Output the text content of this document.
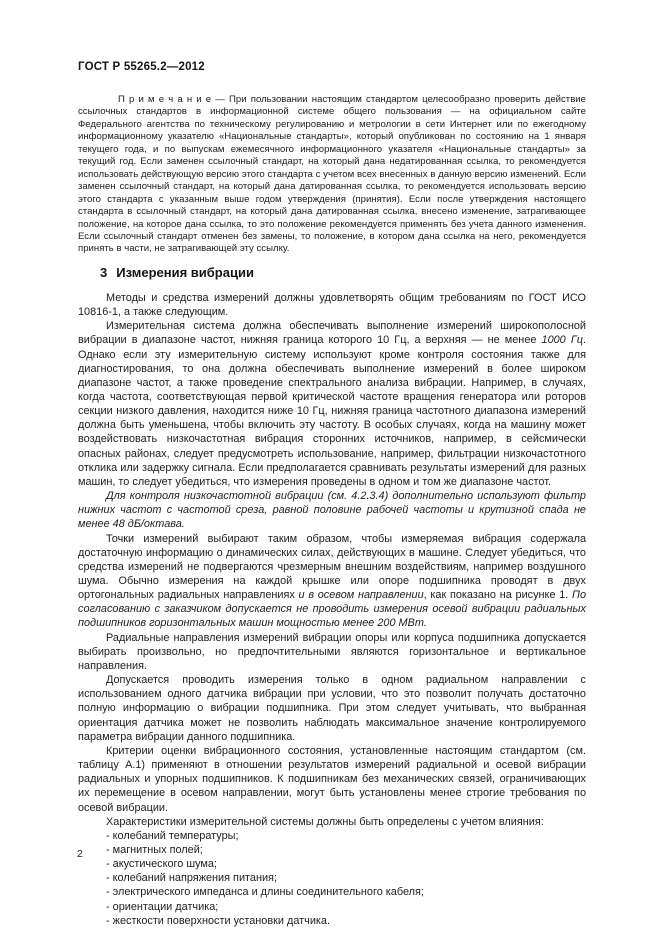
ГОСТ Р 55265.2—2012

П р и м е ч а н и е — При пользовании настоящим стандартом целесообразно проверить действие ссылочных стандартов в информационной системе общего пользования — на официальном сайте Федерального агентства по техническому регулированию и метрологии в сети Интернет или по ежегодному информационному указателю «Национальные стандарты», который опубликован по состоянию на 1 января текущего года, и по выпускам ежемесячного информационного указателя «Национальные стандарты» за текущий год. Если заменен ссылочный стандарт, на который дана недатированная ссылка, то рекомендуется использовать действующую версию этого стандарта с учетом всех внесенных в данную версию изменений. Если заменен ссылочный стандарт, на который дана датированная ссылка, то рекомендуется использовать версию этого стандарта с указанным выше годом утверждения (принятия). Если после утверждения настоящего стандарта в ссылочный стандарт, на который дана датированная ссылка, внесено изменение, затрагивающее положение, на которое дана ссылка, то это положение рекомендуется применять без учета данного изменения. Если ссылочный стандарт отменен без замены, то положение, в котором дана ссылка на него, рекомендуется принять в части, не затрагивающей эту ссылку.

3 Измерения вибрации

Методы и средства измерений должны удовлетворять общим требованиям по ГОСТ ИСО 10816-1, а также следующим.

Измерительная система должна обеспечивать выполнение измерений широкополосной вибрации в диапазоне частот, нижняя граница которого 10 Гц, а верхняя — не менее 1000 Гц. Однако если эту измерительную систему используют кроме контроля состояния также для диагностирования, то она должна обеспечивать выполнение измерений в более широком диапазоне частот, а также проведение спектрального анализа вибрации. Например, в случаях, когда частота, соответствующая первой критической частоте вращения генератора или роторов секции низкого давления, находится ниже 10 Гц, нижняя граница частотного диапазона измерений должна быть уменьшена, чтобы включить эту частоту. В особых случаях, когда на машину может воздействовать низкочастотная вибрация сторонних источников, например, в сейсмически опасных районах, следует предусмотреть использование, например, фильтрации низкочастотного отклика или задержку сигнала. Если предполагается сравнивать результаты измерений для разных машин, то следует убедиться, что измерения проведены в одном и том же диапазоне частот.

Для контроля низкочастотной вибрации (см. 4.2.3.4) дополнительно используют фильтр нижних частот с частотой среза, равной половине рабочей частоты и крутизной спада не менее 48 дБ/октава.

Точки измерений выбирают таким образом, чтобы измеряемая вибрация содержала достаточную информацию о динамических силах, действующих в машине. Следует убедиться, что средства измерений не подвергаются чрезмерным внешним воздействиям, например воздушного шума. Обычно измерения на каждой крышке или опоре подшипника проводят в двух ортогональных радиальных направлениях и в осевом направлении, как показано на рисунке 1. По согласованию с заказчиком допускается не проводить измерения осевой вибрации радиальных подшипников горизонтальных машин мощностью менее 200 МВт.

Радиальные направления измерений вибрации опоры или корпуса подшипника допускается выбирать произвольно, но предпочтительными являются горизонтальное и вертикальное направления.

Допускается проводить измерения только в одном радиальном направлении с использованием одного датчика вибрации при условии, что это позволит получать достаточно полную информацию о вибрации подшипника. При этом следует учитывать, что выбранная ориентация датчика может не позволить наблюдать максимальное значение контролируемого параметра вибрации данного подшипника.

Критерии оценки вибрационного состояния, установленные настоящим стандартом (см. таблицу А.1) применяют в отношении результатов измерений радиальной и осевой вибрации радиальных и упорных подшипников. К подшипникам без механических связей, ограничивающих их перемещение в осевом направлении, могут быть установлены менее строгие требования по осевой вибрации.

Характеристики измерительной системы должны быть определены с учетом влияния:

- колебаний температуры;

- магнитных полей;

- акустического шума;

- колебаний напряжения питания;

- электрического импеданса и длины соединительного кабеля;

- ориентации датчика;

- жесткости поверхности установки датчика.

2
